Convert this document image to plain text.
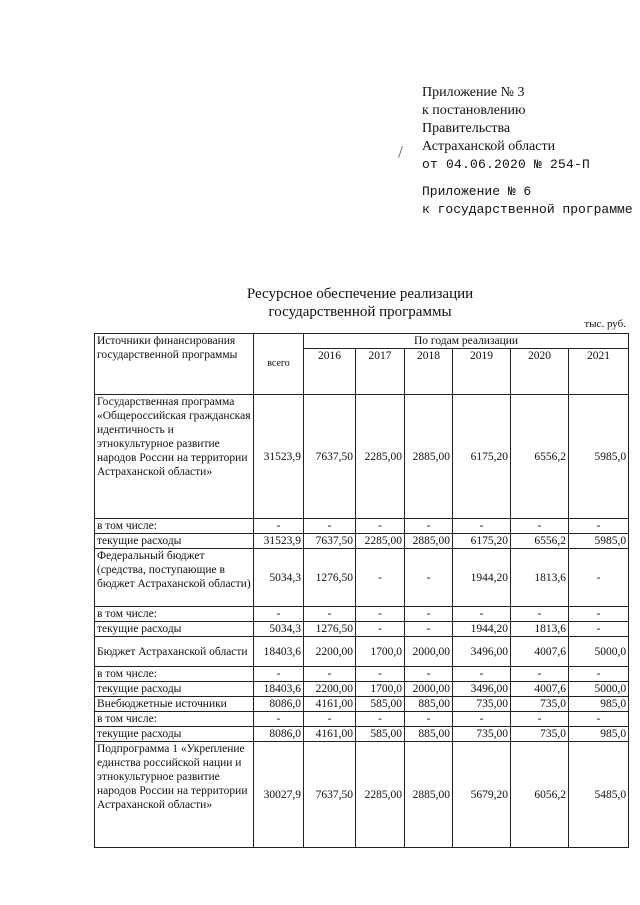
Приложение № 3
к постановлению
Правительства
Астраханской области
от 04.06.2020 № 254-П
Приложение № 6
к государственной программе
Ресурсное обеспечение реализации
государственной программы
тыс. руб.
Источники финансирования государственной программы	всего	По годам реализации					
		2016	2017	2018	2019	2020	2021
Государственная программа «Общероссийская гражданская идентичность и этнокультурное развитие народов России на территории Астраханской области»	31523,9	7637,50	2285,00	2885,00	6175,20	6556,2	5985,0
в том числе:	-	-	-	-	-	-	-
текущие расходы	31523,9	7637,50	2285,00	2885,00	6175,20	6556,2	5985,0
Федеральный бюджет (средства, поступающие в бюджет Астраханской области)	5034,3	1276,50	-	-	1944,20	1813,6	-
в том числе:	-	-	-	-	-	-	-
текущие расходы	5034,3	1276,50	-	-	1944,20	1813,6	-
Бюджет Астраханской области	18403,6	2200,00	1700,0	2000,00	3496,00	4007,6	5000,0
в том числе:	-	-	-	-	-	-	-
текущие расходы	18403,6	2200,00	1700,0	2000,00	3496,00	4007,6	5000,0
Внебюджетные источники	8086,0	4161,00	585,00	885,00	735,00	735,0	985,0
в том числе:	-	-	-	-	-	-	-
текущие расходы	8086,0	4161,00	585,00	885,00	735,00	735,0	985,0
Подпрограмма 1 «Укрепление единства российской нации и этнокультурное развитие народов России на территории Астраханской области»	30027,9	7637,50	2285,00	2885,00	5679,20	6056,2	5485,0
